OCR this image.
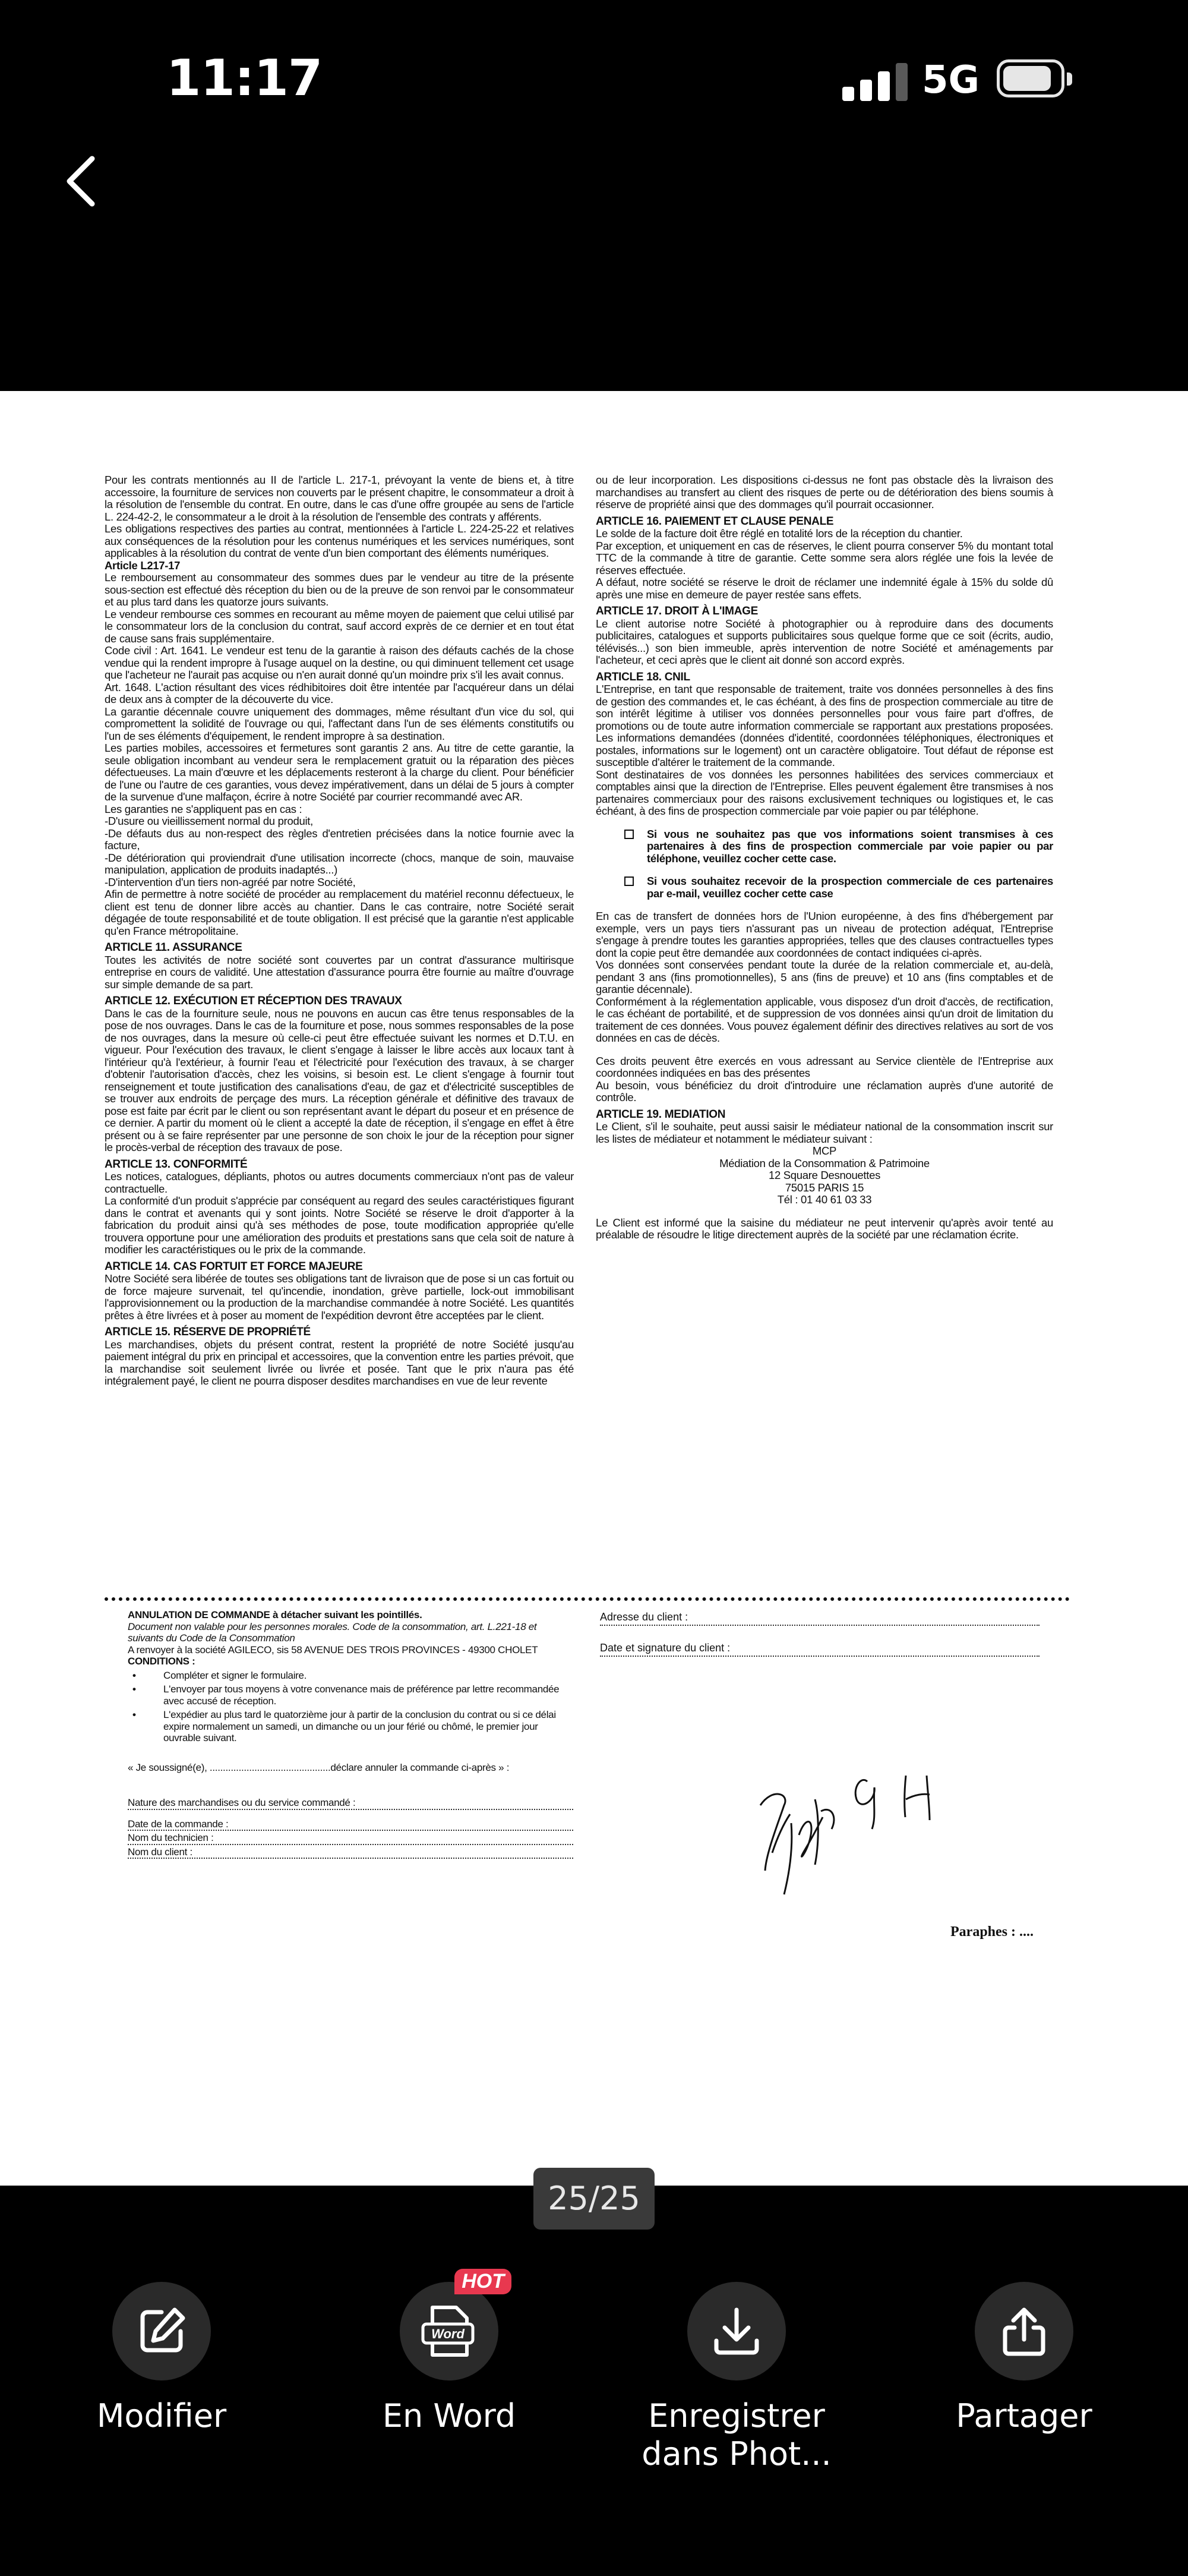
11:17	5G

Pour les contrats mentionnés au II de l'article L. 217-1, prévoyant la vente de biens et, à titre accessoire, la fourniture de services non couverts par le présent chapitre, le consommateur a droit à la résolution de l'ensemble du contrat. En outre, dans le cas d'une offre groupée au sens de l'article L. 224-42-2, le consommateur a le droit à la résolution de l'ensemble des contrats y afférents.

Les obligations respectives des parties au contrat, mentionnées à l'article L. 224-25-22 et relatives aux conséquences de la résolution pour les contenus numériques et les services numériques, sont applicables à la résolution du contrat de vente d'un bien comportant des éléments numériques.

Article L217-17

Le remboursement au consommateur des sommes dues par le vendeur au titre de la présente sous-section est effectué dès réception du bien ou de la preuve de son renvoi par le consommateur et au plus tard dans les quatorze jours suivants.

Le vendeur rembourse ces sommes en recourant au même moyen de paiement que celui utilisé par le consommateur lors de la conclusion du contrat, sauf accord exprès de ce dernier et en tout état de cause sans frais supplémentaire.

Code civil : Art. 1641. Le vendeur est tenu de la garantie à raison des défauts cachés de la chose vendue qui la rendent impropre à l'usage auquel on la destine, ou qui diminuent tellement cet usage que l'acheteur ne l'aurait pas acquise ou n'en aurait donné qu'un moindre prix s'il les avait connus.

Art. 1648. L'action résultant des vices rédhibitoires doit être intentée par l'acquéreur dans un délai de deux ans à compter de la découverte du vice.

La garantie décennale couvre uniquement des dommages, même résultant d'un vice du sol, qui compromettent la solidité de l'ouvrage ou qui, l'affectant dans l'un de ses éléments constitutifs ou l'un de ses éléments d'équipement, le rendent impropre à sa destination.

Les parties mobiles, accessoires et fermetures sont garantis 2 ans. Au titre de cette garantie, la seule obligation incombant au vendeur sera le remplacement gratuit ou la réparation des pièces défectueuses. La main d'œuvre et les déplacements resteront à la charge du client. Pour bénéficier de l'une ou l'autre de ces garanties, vous devez impérativement, dans un délai de 5 jours à compter de la survenue d'une malfaçon, écrire à notre Société par courrier recommandé avec AR.

Les garanties ne s'appliquent pas en cas :

-D'usure ou vieillissement normal du produit,

-De défauts dus au non-respect des règles d'entretien précisées dans la notice fournie avec la facture,

-De détérioration qui proviendrait d'une utilisation incorrecte (chocs, manque de soin, mauvaise manipulation, application de produits inadaptés...)

-D'intervention d'un tiers non-agréé par notre Société,

Afin de permettre à notre société de procéder au remplacement du matériel reconnu défectueux, le client est tenu de donner libre accès au chantier. Dans le cas contraire, notre Société serait dégagée de toute responsabilité et de toute obligation. Il est précisé que la garantie n'est applicable qu'en France métropolitaine.

ARTICLE 11. ASSURANCE

Toutes les activités de notre société sont couvertes par un contrat d'assurance multirisque entreprise en cours de validité. Une attestation d'assurance pourra être fournie au maître d'ouvrage sur simple demande de sa part.

ARTICLE 12. EXÉCUTION ET RÉCEPTION DES TRAVAUX

Dans le cas de la fourniture seule, nous ne pouvons en aucun cas être tenus responsables de la pose de nos ouvrages. Dans le cas de la fourniture et pose, nous sommes responsables de la pose de nos ouvrages, dans la mesure où celle-ci peut être effectuée suivant les normes et D.T.U. en vigueur. Pour l'exécution des travaux, le client s'engage à laisser le libre accès aux locaux tant à l'intérieur qu'à l'extérieur, à fournir l'eau et l'électricité pour l'exécution des travaux, à se charger d'obtenir l'autorisation d'accès, chez les voisins, si besoin est. Le client s'engage à fournir tout renseignement et toute justification des canalisations d'eau, de gaz et d'électricité susceptibles de se trouver aux endroits de perçage des murs. La réception générale et définitive des travaux de pose est faite par écrit par le client ou son représentant avant le départ du poseur et en présence de ce dernier. A partir du moment où le client a accepté la date de réception, il s'engage en effet à être présent ou à se faire représenter par une personne de son choix le jour de la réception pour signer le procès-verbal de réception des travaux de pose.

ARTICLE 13. CONFORMITÉ

Les notices, catalogues, dépliants, photos ou autres documents commerciaux n'ont pas de valeur contractuelle.

La conformité d'un produit s'apprécie par conséquent au regard des seules caractéristiques figurant dans le contrat et avenants qui y sont joints. Notre Société se réserve le droit d'apporter à la fabrication du produit ainsi qu'à ses méthodes de pose, toute modification appropriée qu'elle trouvera opportune pour une amélioration des produits et prestations sans que cela soit de nature à modifier les caractéristiques ou le prix de la commande.

ARTICLE 14. CAS FORTUIT ET FORCE MAJEURE

Notre Société sera libérée de toutes ses obligations tant de livraison que de pose si un cas fortuit ou de force majeure survenait, tel qu'incendie, inondation, grève partielle, lock-out immobilisant l'approvisionnement ou la production de la marchandise commandée à notre Société. Les quantités prêtes à être livrées et à poser au moment de l'expédition devront être acceptées par le client.

ARTICLE 15. RÉSERVE DE PROPRIÉTÉ

Les marchandises, objets du présent contrat, restent la propriété de notre Société jusqu'au paiement intégral du prix en principal et accessoires, que la convention entre les parties prévoit, que la marchandise soit seulement livrée ou livrée et posée. Tant que le prix n'aura pas été intégralement payé, le client ne pourra disposer desdites marchandises en vue de leur revente

ou de leur incorporation. Les dispositions ci-dessus ne font pas obstacle dès la livraison des marchandises au transfert au client des risques de perte ou de détérioration des biens soumis à réserve de propriété ainsi que des dommages qu'il pourrait occasionner.

ARTICLE 16. PAIEMENT ET CLAUSE PENALE

Le solde de la facture doit être réglé en totalité lors de la réception du chantier.

Par exception, et uniquement en cas de réserves, le client pourra conserver 5% du montant total TTC de la commande à titre de garantie. Cette somme sera alors réglée une fois la levée de réserves effectuée.

A défaut, notre société se réserve le droit de réclamer une indemnité égale à 15% du solde dû après une mise en demeure de payer restée sans effets.

ARTICLE 17. DROIT À L'IMAGE

Le client autorise notre Société à photographier ou à reproduire dans des documents publicitaires, catalogues et supports publicitaires sous quelque forme que ce soit (écrits, audio, télévisés...) son bien immeuble, après intervention de notre Société et aménagements par l'acheteur, et ceci après que le client ait donné son accord exprès.

ARTICLE 18. CNIL

L'Entreprise, en tant que responsable de traitement, traite vos données personnelles à des fins de gestion des commandes et, le cas échéant, à des fins de prospection commerciale au titre de son intérêt légitime à utiliser vos données personnelles pour vous faire part d'offres, de promotions ou de toute autre information commerciale se rapportant aux prestations proposées. Les informations demandées (données d'identité, coordonnées téléphoniques, électroniques et postales, informations sur le logement) ont un caractère obligatoire. Tout défaut de réponse est susceptible d'altérer le traitement de la commande.

Sont destinataires de vos données les personnes habilitées des services commerciaux et comptables ainsi que la direction de l'Entreprise. Elles peuvent également être transmises à nos partenaires commerciaux pour des raisons exclusivement techniques ou logistiques et, le cas échéant, à des fins de prospection commerciale par voie papier ou par téléphone.

Si vous ne souhaitez pas que vos informations soient transmises à ces partenaires à des fins de prospection commerciale par voie papier ou par téléphone, veuillez cocher cette case.
Si vous souhaitez recevoir de la prospection commerciale de ces partenaires par e-mail, veuillez cocher cette case

En cas de transfert de données hors de l'Union européenne, à des fins d'hébergement par exemple, vers un pays tiers n'assurant pas un niveau de protection adéquat, l'Entreprise s'engage à prendre toutes les garanties appropriées, telles que des clauses contractuelles types dont la copie peut être demandée aux coordonnées de contact indiquées ci-après.

Vos données sont conservées pendant toute la durée de la relation commerciale et, au-delà, pendant 3 ans (fins promotionnelles), 5 ans (fins de preuve) et 10 ans (fins comptables et de garantie décennale).

Conformément à la réglementation applicable, vous disposez d'un droit d'accès, de rectification, le cas échéant de portabilité, et de suppression de vos données ainsi qu'un droit de limitation du traitement de ces données. Vous pouvez également définir des directives relatives au sort de vos données en cas de décès.

Ces droits peuvent être exercés en vous adressant au Service clientèle de l'Entreprise aux coordonnées indiquées en bas des présentes

Au besoin, vous bénéficiez du droit d'introduire une réclamation auprès d'une autorité de contrôle.

ARTICLE 19. MEDIATION

Le Client, s'il le souhaite, peut aussi saisir le médiateur national de la consommation inscrit sur les listes de médiateur et notamment le médiateur suivant :

MCP

Médiation de la Consommation & Patrimoine

12 Square Desnouettes

75015 PARIS 15

Tél : 01 40 61 03 33

Le Client est informé que la saisine du médiateur ne peut intervenir qu'après avoir tenté au préalable de résoudre le litige directement auprès de la société par une réclamation écrite.

ANNULATION DE COMMANDE à détacher suivant les pointillés.
Document non valable pour les personnes morales. Code de la consommation, art. L.221-18 et suivants du Code de la Consommation
A renvoyer à la société AGILECO, sis 58 AVENUE DES TROIS PROVINCES - 49300 CHOLET
CONDITIONS :
• Compléter et signer le formulaire.
• L'envoyer par tous moyens à votre convenance mais de préférence par lettre recommandée avec accusé de réception.
• L'expédier au plus tard le quatorzième jour à partir de la conclusion du contrat ou si ce délai expire normalement un samedi, un dimanche ou un jour férié ou chômé, le premier jour ouvrable suivant.
« Je soussigné(e), ..............................................déclare annuler la commande ci-après » :
Nature des marchandises ou du service commandé :
Date de la commande :
Nom du technicien :
Nom du client :
Adresse du client :
Date et signature du client :
Paraphes : ....
25/25
Modifier
Word
HOT
En Word	Enregistrer dans Phot...
Partager
